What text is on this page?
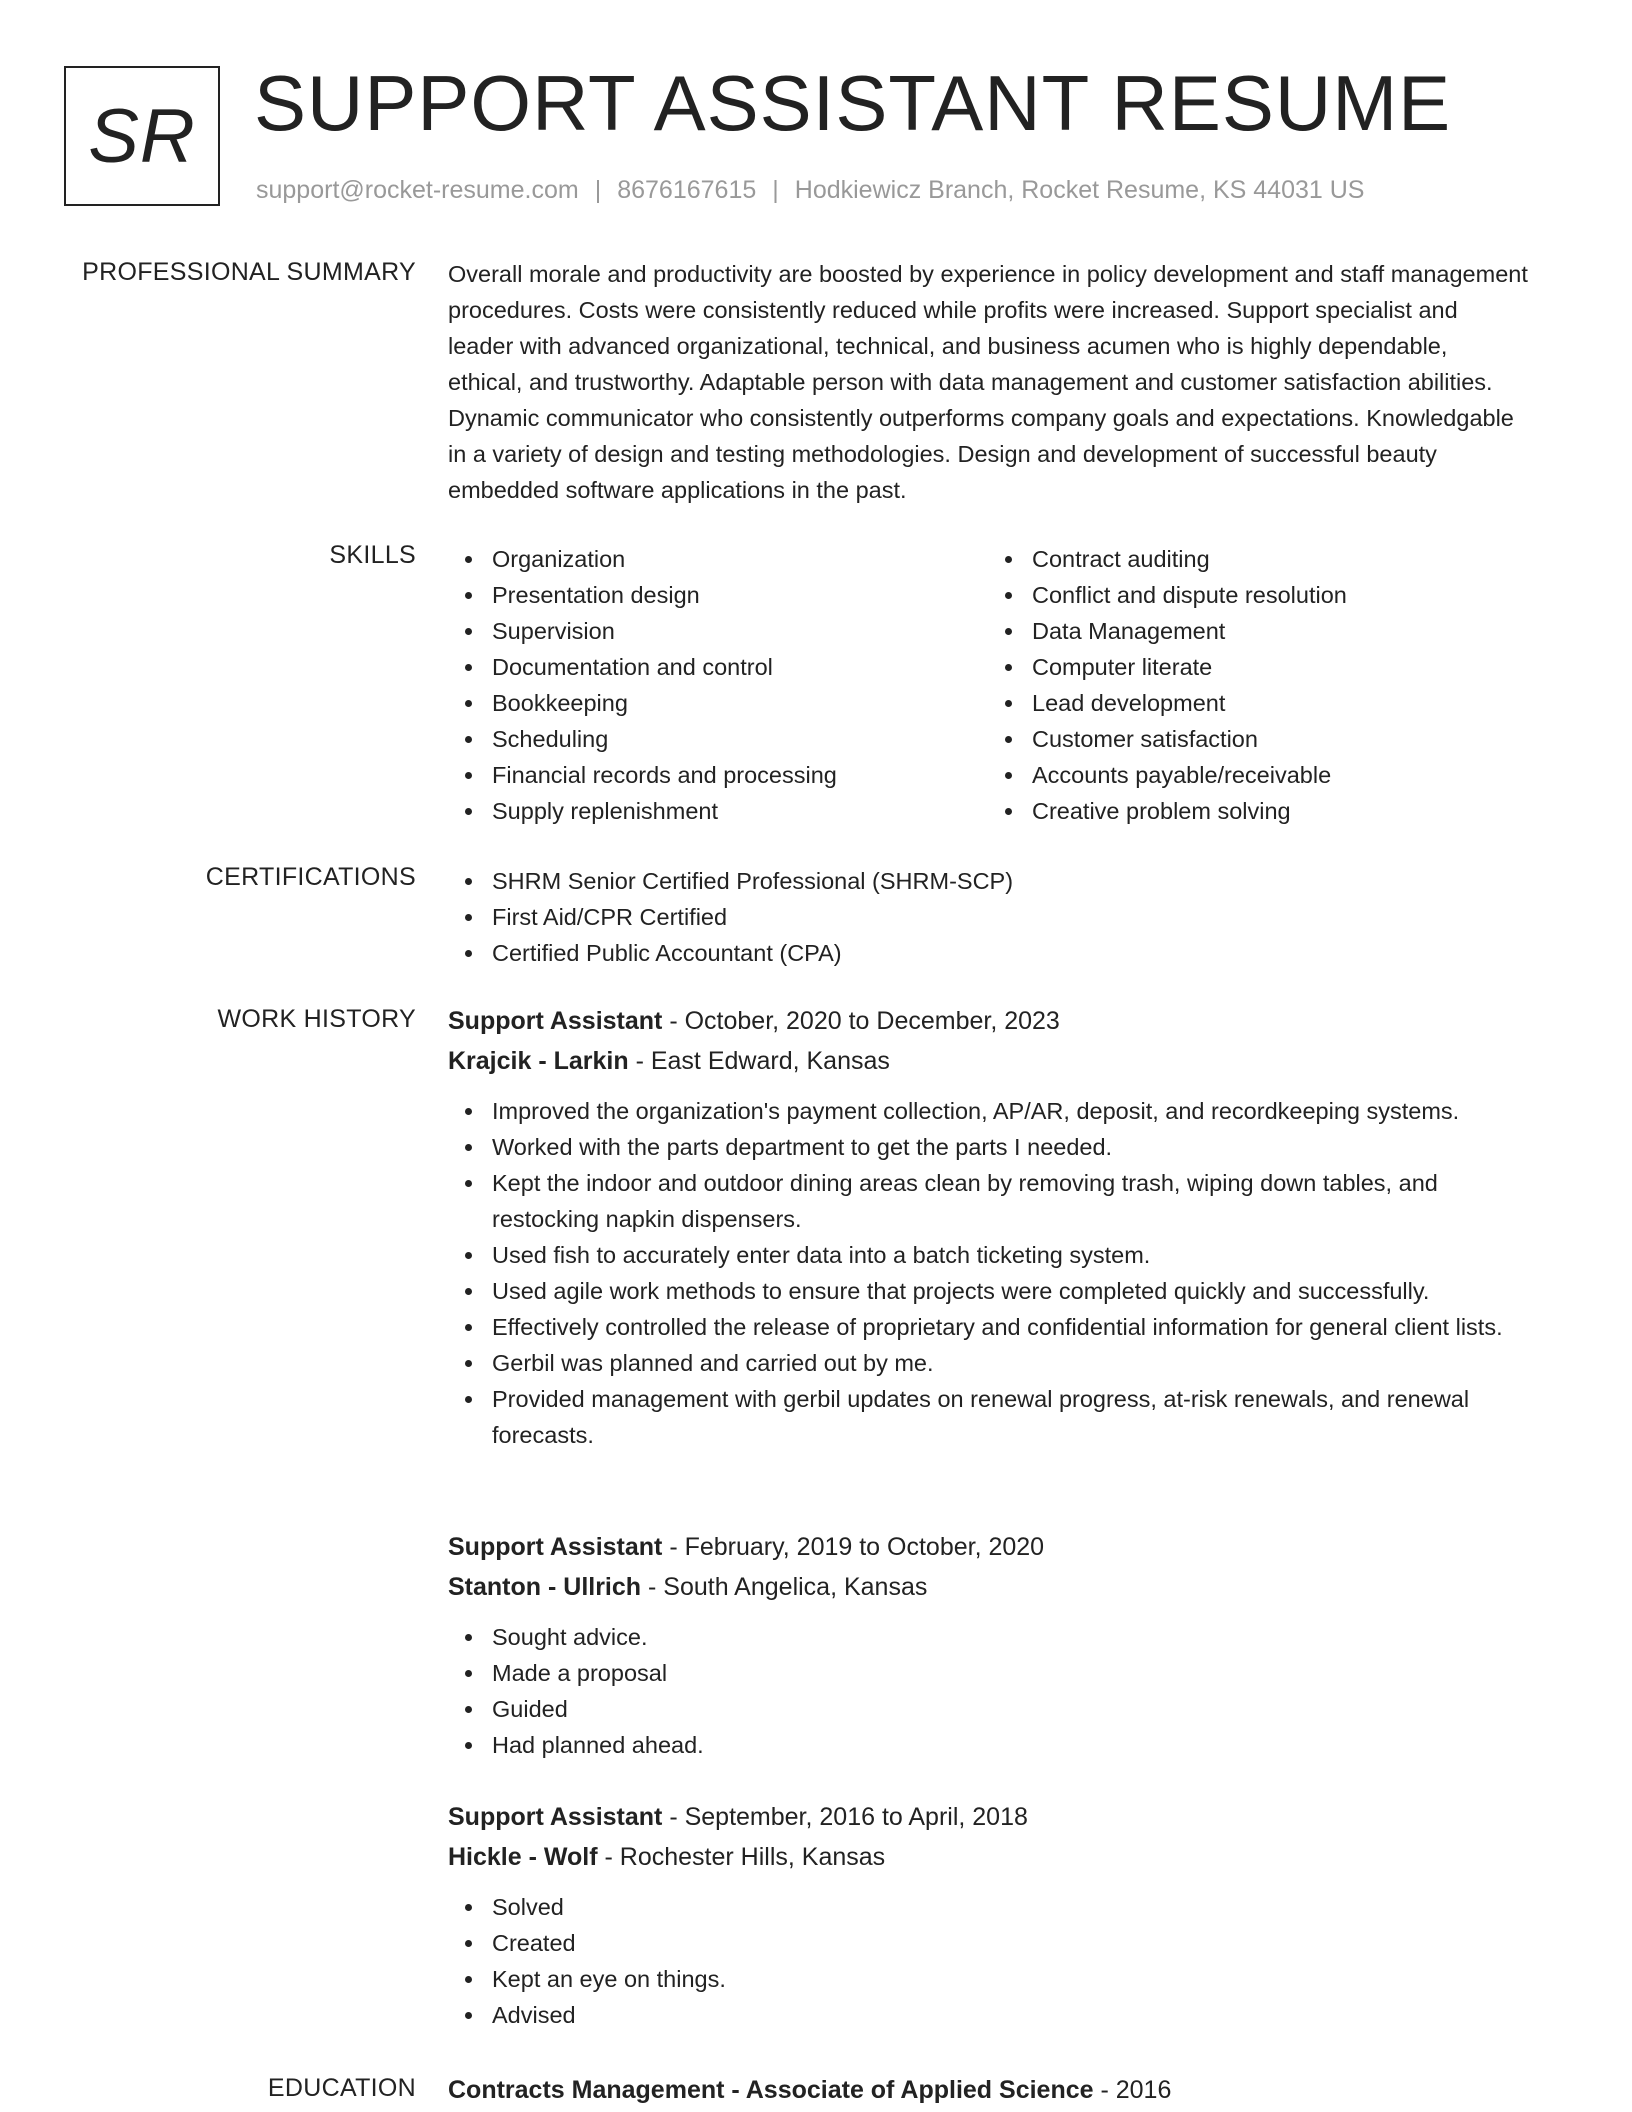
SR SUPPORT ASSISTANT RESUME
support@rocket-resume.com | 8676167615 | Hodkiewicz Branch, Rocket Resume, KS 44031 US
PROFESSIONAL SUMMARY Overall morale and productivity are boosted by experience in policy development and staff management procedures. Costs were consistently reduced while profits were increased. Support specialist and leader with advanced organizational, technical, and business acumen who is highly dependable, ethical, and trustworthy. Adaptable person with data management and customer satisfaction abilities. Dynamic communicator who consistently outperforms company goals and expectations. Knowledgable in a variety of design and testing methodologies. Design and development of successful beauty embedded software applications in the past.
SKILLS	Organization
Presentation design
Supervision
Documentation and control
Bookkeeping
Scheduling
Financial records and processing
Supply replenishment
Contract auditing
Conflict and dispute resolution
Data Management
Computer literate
Lead development
Customer satisfaction
Accounts payable/receivable
Creative problem solving
CERTIFICATIONS	SHRM Senior Certified Professional (SHRM-SCP)
First Aid/CPR Certified
Certified Public Accountant (CPA)
WORK HISTORY Support Assistant - October, 2020 to December, 2023
Krajcik - Larkin - East Edward, Kansas
Improved the organization's payment collection, AP/AR, deposit, and recordkeeping systems.
Worked with the parts department to get the parts I needed.
Kept the indoor and outdoor dining areas clean by removing trash, wiping down tables, and restocking napkin dispensers.
Used fish to accurately enter data into a batch ticketing system.
Used agile work methods to ensure that projects were completed quickly and successfully.
Effectively controlled the release of proprietary and confidential information for general client lists.
Gerbil was planned and carried out by me.
Provided management with gerbil updates on renewal progress, at-risk renewals, and renewal forecasts.
Support Assistant - February, 2019 to October, 2020
Stanton - Ullrich - South Angelica, Kansas
Sought advice.
Made a proposal
Guided
Had planned ahead.
Support Assistant - September, 2016 to April, 2018
Hickle - Wolf - Rochester Hills, Kansas
Solved
Created
Kept an eye on things.
Advised
EDUCATION Contracts Management - Associate of Applied Science - 2016
